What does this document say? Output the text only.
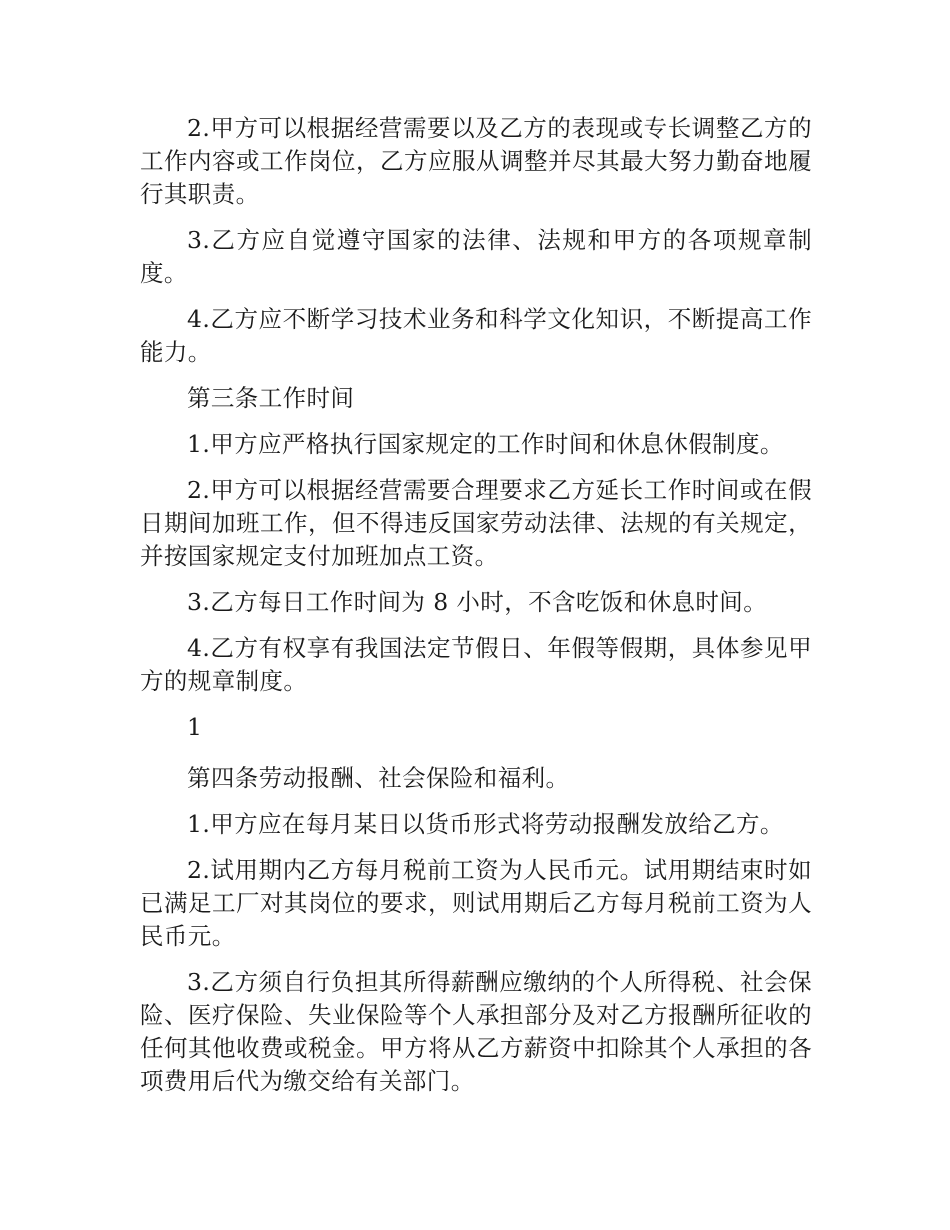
2.甲方可以根据经营需要以及乙方的表现或专长调整乙方的工作内容或工作岗位，乙方应服从调整并尽其最大努力勤奋地履行其职责。

3.乙方应自觉遵守国家的法律、法规和甲方的各项规章制度。

4.乙方应不断学习技术业务和科学文化知识，不断提高工作能力。

第三条工作时间

1.甲方应严格执行国家规定的工作时间和休息休假制度。

2.甲方可以根据经营需要合理要求乙方延长工作时间或在假日期间加班工作，但不得违反国家劳动法律、法规的有关规定，并按国家规定支付加班加点工资。

3.乙方每日工作时间为 8 小时，不含吃饭和休息时间。

4.乙方有权享有我国法定节假日、年假等假期，具体参见甲方的规章制度。

1

第四条劳动报酬、社会保险和福利。

1.甲方应在每月某日以货币形式将劳动报酬发放给乙方。

2.试用期内乙方每月税前工资为人民币元。试用期结束时如已满足工厂对其岗位的要求，则试用期后乙方每月税前工资为人民币元。

3.乙方须自行负担其所得薪酬应缴纳的个人所得税、社会保险、医疗保险、失业保险等个人承担部分及对乙方报酬所征收的任何其他收费或税金。甲方将从乙方薪资中扣除其个人承担的各项费用后代为缴交给有关部门。
